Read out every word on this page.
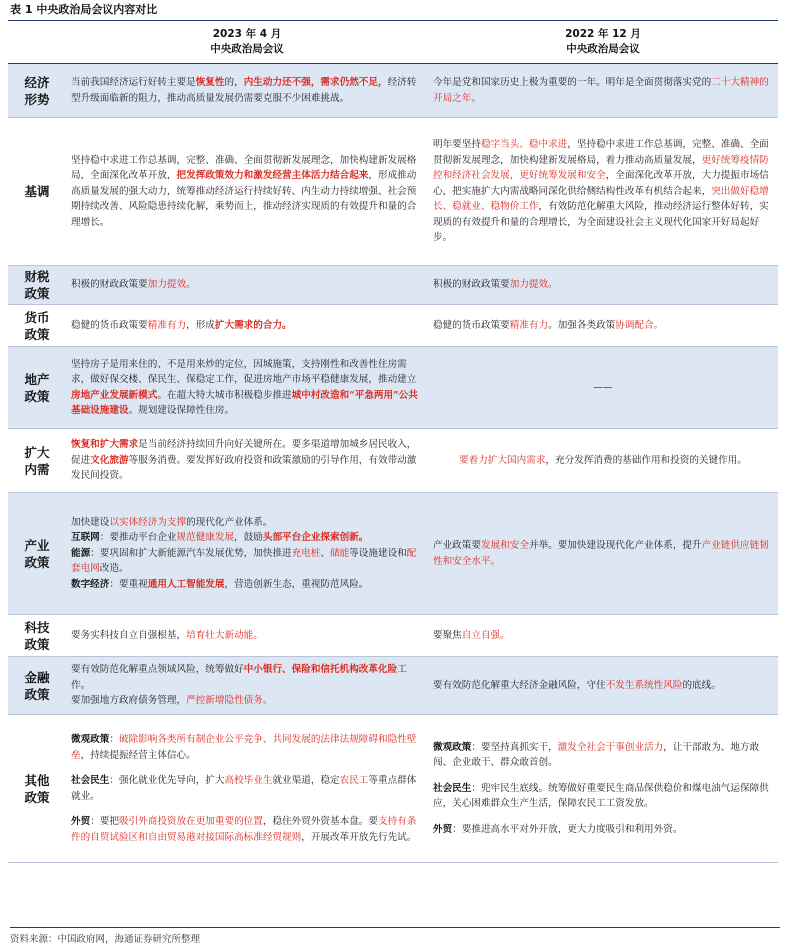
表 1 中央政治局会议内容对比
	2023 年 4 月
中央政治局会议	2022 年 12 月
中央政治局会议
经济形势	当前我国经济运行好转主要是恢复性的，内生动力还不强，需求仍然不足，经济转型升级面临新的阻力，推动高质量发展仍需要克服不少困难挑战。	今年是党和国家历史上极为重要的一年。明年是全面贯彻落实党的二十大精神的开局之年。

基调	坚持稳中求进工作总基调，完整、准确、全面贯彻新发展理念，加快构建新发展格局，全面深化改革开放，把发挥政策效力和激发经营主体活力结合起来，形成推动高质量发展的强大动力，统筹推动经济运行持续好转、内生动力持续增强、社会预期持续改善、风险隐患持续化解，乘势而上，推动经济实现质的有效提升和量的合理增长。	明年要坚持稳字当头、稳中求进，坚持稳中求进工作总基调，完整、准确、全面贯彻新发展理念，加快构建新发展格局，着力推动高质量发展，更好统筹疫情防控和经济社会发展，更好统筹发展和安全，全面深化改革开放，大力提振市场信心，把实施扩大内需战略同深化供给侧结构性改革有机结合起来，突出做好稳增长、稳就业、稳物价工作，有效防范化解重大风险，推动经济运行整体好转，实现质的有效提升和量的合理增长，为全面建设社会主义现代化国家开好局起好步。

财税政策	积极的财政政策要加力提效。	积极的财政政策要加力提效。

货币政策	稳健的货币政策要精准有力，形成扩大需求的合力。	稳健的货币政策要精准有力。加强各类政策协调配合。

地产政策	坚持房子是用来住的、不是用来炒的定位，因城施策，支持刚性和改善性住房需求，做好保交楼、保民生、保稳定工作，促进房地产市场平稳健康发展，推动建立房地产业发展新模式。在超大特大城市积极稳步推进城中村改造和“平急两用”公共基础设施建设。规划建设保障性住房。	——

扩大内需	恢复和扩大需求是当前经济持续回升向好关键所在。要多渠道增加城乡居民收入，促进文化旅游等服务消费。要发挥好政府投资和政策激励的引导作用，有效带动激发民间投资。	要着力扩大国内需求，充分发挥消费的基础作用和投资的关键作用。

产业政策	加快建设以实体经济为支撑的现代化产业体系。
互联网：要推动平台企业规范健康发展，鼓励头部平台企业探索创新。
能源：要巩固和扩大新能源汽车发展优势，加快推进充电桩、储能等设施建设和配套电网改造。
数字经济：要重视通用人工智能发展，营造创新生态，重视防范风险。	产业政策要发展和安全并举。要加快建设现代化产业体系，提升产业链供应链韧性和安全水平。

科技政策	要务实科技自立自强根基，培育壮大新动能。	要聚焦自立自强。

金融政策	要有效防范化解重点领域风险，统筹做好中小银行、保险和信托机构改革化险工作。
要加强地方政府债务管理，严控新增隐性债务。	要有效防范化解重大经济金融风险，守住不发生系统性风险的底线。

其他政策	微观政策：破除影响各类所有制企业公平竞争、共同发展的法律法规障碍和隐性壁垒，持续提振经营主体信心。
社会民生：强化就业优先导向，扩大高校毕业生就业渠道，稳定农民工等重点群体就业。
外贸：要把吸引外商投资放在更加重要的位置，稳住外贸外资基本盘。要支持有条件的自贸试验区和自由贸易港对接国际高标准经贸规则，开展改革开放先行先试。	微观政策：要坚持真抓实干，激发全社会干事创业活力，让干部敢为、地方敢闯、企业敢干、群众敢首创。
社会民生：兜牢民生底线。统筹做好重要民生商品保供稳价和煤电油气运保障供应，关心困难群众生产生活，保障农民工工资发放。
外贸：要推进高水平对外开放，更大力度吸引和利用外资。
资料来源：中国政府网，海通证券研究所整理
